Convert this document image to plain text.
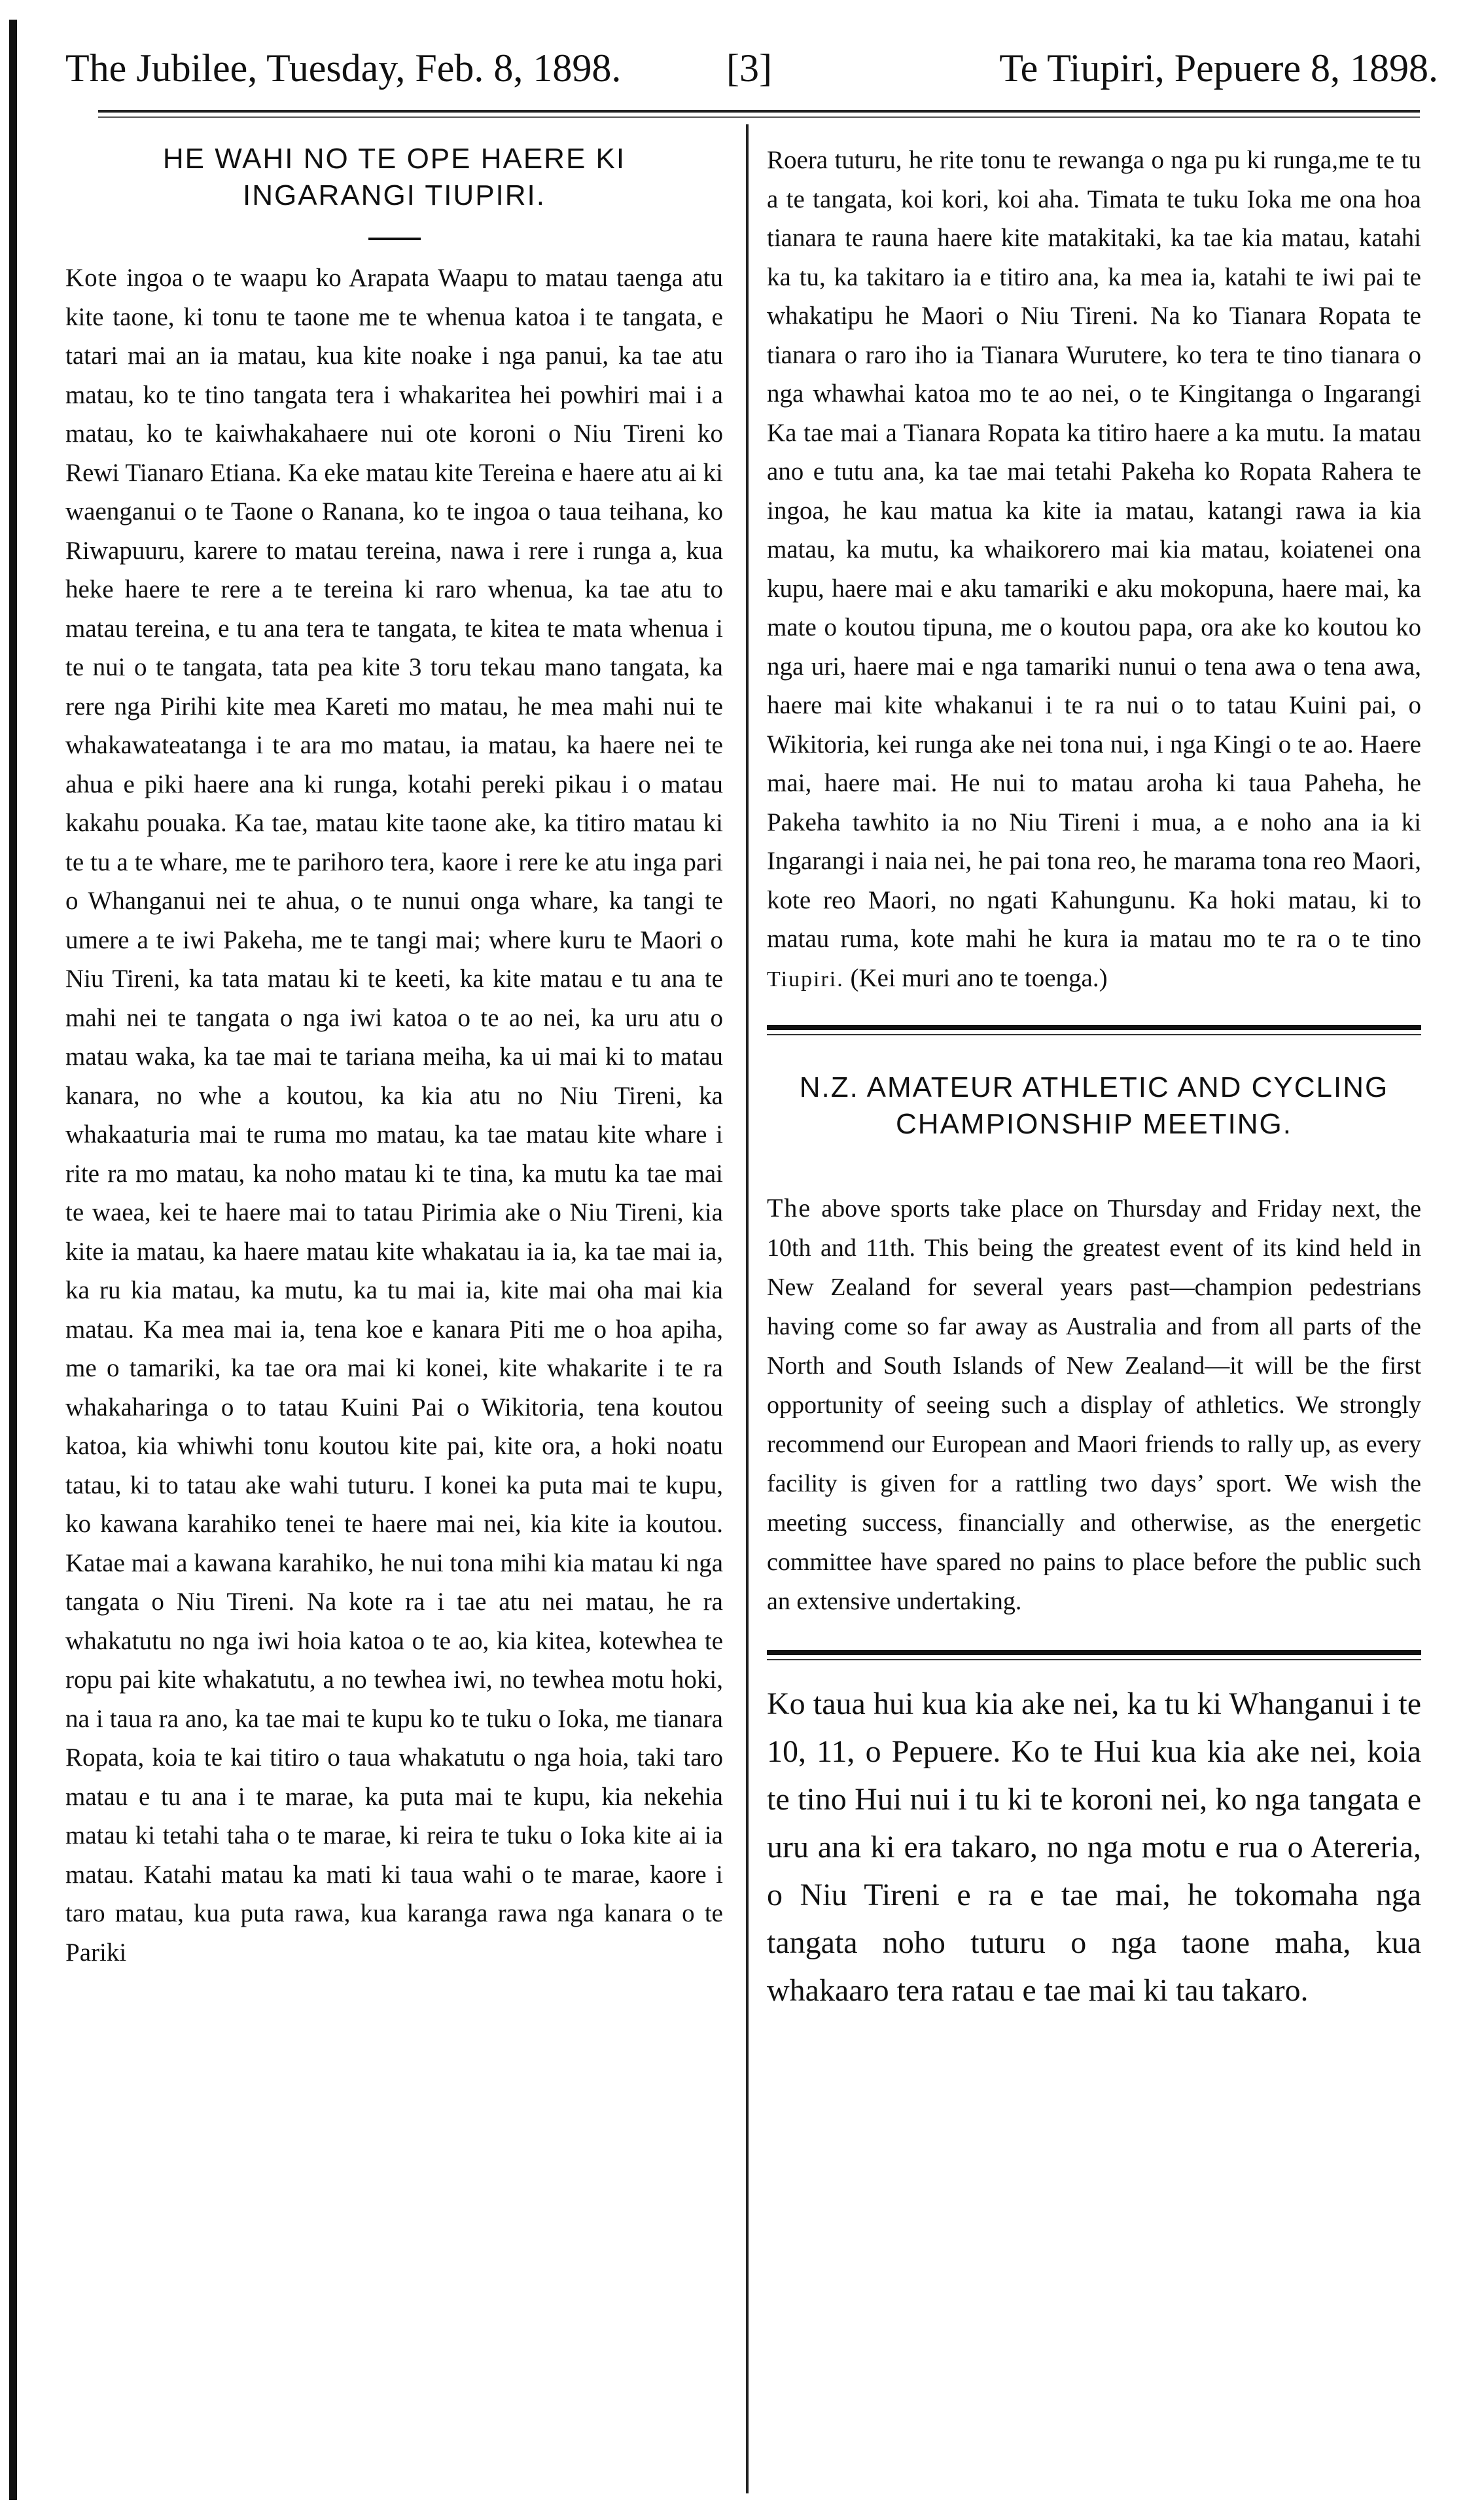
The Jubilee, Tuesday, Feb. 8, 1898.	[3]	Te Tiupiri, Pepuere 8, 1898.
HE WAHI NO TE OPE HAERE KI
INGARANGI TIUPIRI.

Kote ingoa o te waapu ko Arapata Waapu to matau taenga atu kite taone, ki tonu te taone me te whenua katoa i te tangata, e tatari mai an ia matau, kua kite noake i nga panui, ka tae atu matau, ko te tino tangata tera i whakaritea hei powhiri mai i a matau, ko te kaiwhakahaere nui ote koroni o Niu Tireni ko Rewi Tianaro Etiana. Ka eke matau kite Tereina e haere atu ai ki waenganui o te Taone o Ranana, ko te ingoa o taua teihana, ko Riwapuuru, karere to matau tereina, nawa i rere i runga a, kua heke haere te rere a te tereina ki raro whenua, ka tae atu to matau tereina, e tu ana tera te tangata, te kitea te mata whenua i te nui o te tangata, tata pea kite 3 toru tekau mano tangata, ka rere nga Pirihi kite mea Kareti mo matau, he mea mahi nui te whakawateatanga i te ara mo matau, ia matau, ka haere nei te ahua e piki haere ana ki runga, kotahi pereki pikau i o matau kakahu pouaka. Ka tae, matau kite taone ake, ka titiro matau ki te tu a te whare, me te parihoro tera, kaore i rere ke atu inga pari o Whanganui nei te ahua, o te nunui onga whare, ka tangi te umere a te iwi Pakeha, me te tangi mai; where kuru te Maori o Niu Tireni, ka tata matau ki te keeti, ka kite matau e tu ana te mahi nei te tangata o nga iwi katoa o te ao nei, ka uru atu o matau waka, ka tae mai te tariana meiha, ka ui mai ki to matau kanara, no whe a koutou, ka kia atu no Niu Tireni, ka whakaaturia mai te ruma mo matau, ka tae matau kite whare i rite ra mo matau, ka noho matau ki te tina, ka mutu ka tae mai te waea, kei te haere mai to tatau Pirimia ake o Niu Tireni, kia kite ia matau, ka haere matau kite whakatau ia ia, ka tae mai ia, ka ru kia matau, ka mutu, ka tu mai ia, kite mai oha mai kia matau. Ka mea mai ia, tena koe e kanara Piti me o hoa apiha, me o tamariki, ka tae ora mai ki konei, kite whakarite i te ra whakaharinga o to tatau Kuini Pai o Wikitoria, tena koutou katoa, kia whiwhi tonu koutou kite pai, kite ora, a hoki noatu tatau, ki to tatau ake wahi tuturu. I konei ka puta mai te kupu, ko kawana karahiko tenei te haere mai nei, kia kite ia koutou. Katae mai a kawana karahiko, he nui tona mihi kia matau ki nga tangata o Niu Tireni. Na kote ra i tae atu nei matau, he ra whakatutu no nga iwi hoia katoa o te ao, kia kitea, kotewhea te ropu pai kite whakatutu, a no tewhea iwi, no tewhea motu hoki, na i taua ra ano, ka tae mai te kupu ko te tuku o Ioka, me tianara Ropata, koia te kai titiro o taua whakatutu o nga hoia, taki taro matau e tu ana i te marae, ka puta mai te kupu, kia nekehia matau ki tetahi taha o te marae, ki reira te tuku o Ioka kite ai ia matau. Katahi matau ka mati ki taua wahi o te marae, kaore i taro matau, kua puta rawa, kua karanga rawa nga kanara o te Pariki

Roera tuturu, he rite tonu te rewanga o nga pu ki runga,me te tu a te tangata, koi kori, koi aha. Timata te tuku Ioka me ona hoa tianara te rauna haere kite matakitaki, ka tae kia matau, katahi ka tu, ka takitaro ia e titiro ana, ka mea ia, katahi te iwi pai te whakatipu he Maori o Niu Tireni. Na ko Tianara Ropata te tianara o raro iho ia Tianara Wurutere, ko tera te tino tianara o nga whawhai katoa mo te ao nei, o te Kingitanga o Ingarangi Ka tae mai a Tianara Ropata ka titiro haere a ka mutu. Ia matau ano e tutu ana, ka tae mai tetahi Pakeha ko Ropata Rahera te ingoa, he kau matua ka kite ia matau, katangi rawa ia kia matau, ka mutu, ka whaikorero mai kia matau, koiatenei ona kupu, haere mai e aku tamariki e aku mokopuna, haere mai, ka mate o koutou tipuna, me o koutou papa, ora ake ko koutou ko nga uri, haere mai e nga tamariki nunui o tena awa o tena awa, haere mai kite whakanui i te ra nui o to tatau Kuini pai, o Wikitoria, kei runga ake nei tona nui, i nga Kingi o te ao. Haere mai, haere mai. He nui to matau aroha ki taua Paheha, he Pakeha tawhito ia no Niu Tireni i mua, a e noho ana ia ki Ingarangi i naia nei, he pai tona reo, he marama tona reo Maori, kote reo Maori, no ngati Kahungunu. Ka hoki matau, ki to matau ruma, kote mahi he kura ia matau mo te ra o te tino Tiupiri. (Kei muri ano te toenga.)

N.Z. AMATEUR ATHLETIC AND CYCLING
CHAMPIONSHIP MEETING.

The above sports take place on Thursday and Friday next, the 10th and 11th. This being the greatest event of its kind held in New Zealand for several years past—champion pedestrians having come so far away as Australia and from all parts of the North and South Islands of New Zealand—it will be the first opportunity of seeing such a display of athletics. We strongly recommend our European and Maori friends to rally up, as every facility is given for a rattling two days’ sport. We wish the meeting success, financially and otherwise, as the energetic committee have spared no pains to place before the public such an extensive undertaking.

Ko taua hui kua kia ake nei, ka tu ki Whanganui i te 10, 11, o Pepuere. Ko te Hui kua kia ake nei, koia te tino Hui nui i tu ki te koroni nei, ko nga tangata e uru ana ki era takaro, no nga motu e rua o Atereria, o Niu Tireni e ra e tae mai, he tokomaha nga tangata noho tuturu o nga taone maha, kua whakaaro tera ratau e tae mai ki tau takaro.
